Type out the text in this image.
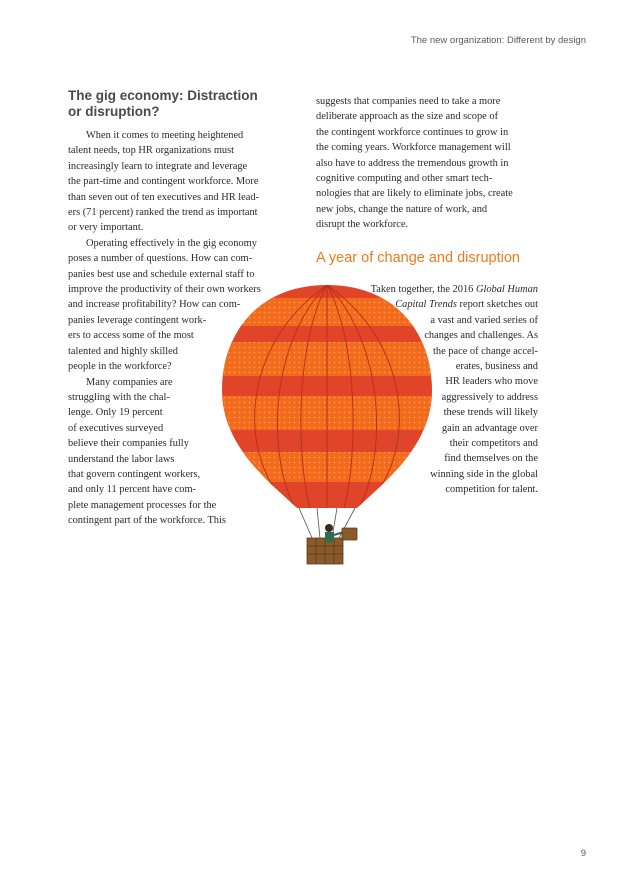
The new organization: Different by design
The gig economy: Distraction
or disruption?
When it comes to meeting heightened
talent needs, top HR organizations must
increasingly learn to integrate and leverage
the part-time and contingent workforce. More
than seven out of ten executives and HR lead-
ers (71 percent) ranked the trend as important
or very important.
Operating effectively in the gig economy
poses a number of questions. How can com-
panies best use and schedule external staff to
improve the productivity of their own workers
and increase profitability? How can com-
panies leverage contingent work-
ers to access some of the most
talented and highly skilled
people in the workforce?
Many companies are
struggling with the chal-
lenge. Only 19 percent
of executives surveyed
believe their companies fully
understand the labor laws
that govern contingent workers,
and only 11 percent have com-
plete management processes for the
contingent part of the workforce. This
suggests that companies need to take a more
deliberate approach as the size and scope of
the contingent workforce continues to grow in
the coming years. Workforce management will
also have to address the tremendous growth in
cognitive computing and other smart tech-
nologies that are likely to eliminate jobs, create
new jobs, change the nature of work, and
disrupt the workforce.
A year of change and disruption
Taken together, the 2016 Global Human
Capital Trends report sketches out
a vast and varied series of
changes and challenges. As
the pace of change accel-
erates, business and
HR leaders who move
aggressively to address
these trends will likely
gain an advantage over
their competitors and
find themselves on the
winning side in the global
competition for talent.
9
